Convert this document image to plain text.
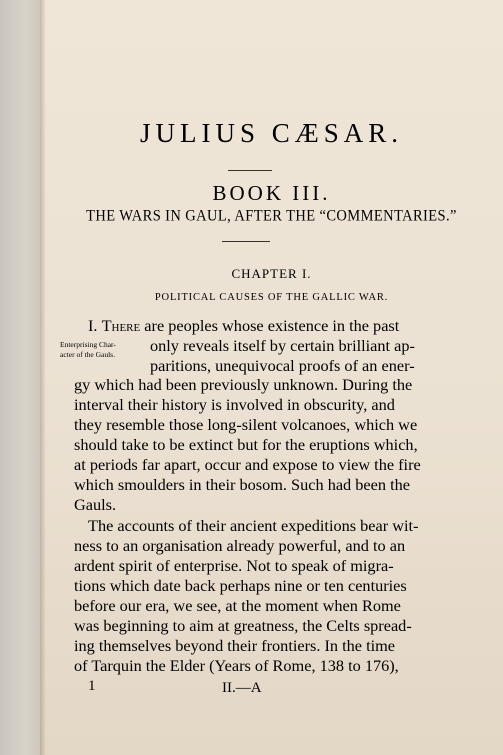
JULIUS CÆSAR.
BOOK III.
THE WARS IN GAUL, AFTER THE “COMMENTARIES.”
CHAPTER I.
POLITICAL CAUSES OF THE GALLIC WAR.
Enterprising Char-
acter of the Gauls.
I. There are peoples whose existence in the past
only reveals itself by certain brilliant ap-
paritions, unequivocal proofs of an ener-
gy which had been previously unknown. During the
interval their history is involved in obscurity, and
they resemble those long-silent volcanoes, which we
should take to be extinct but for the eruptions which,
at periods far apart, occur and expose to view the fire
which smoulders in their bosom. Such had been the
Gauls.
The accounts of their ancient expeditions bear wit-
ness to an organisation already powerful, and to an
ardent spirit of enterprise. Not to speak of migra-
tions which date back perhaps nine or ten centuries
before our era, we see, at the moment when Rome
was beginning to aim at greatness, the Celts spread-
ing themselves beyond their frontiers. In the time
of Tarquin the Elder (Years of Rome, 138 to 176),
1	II.—A
